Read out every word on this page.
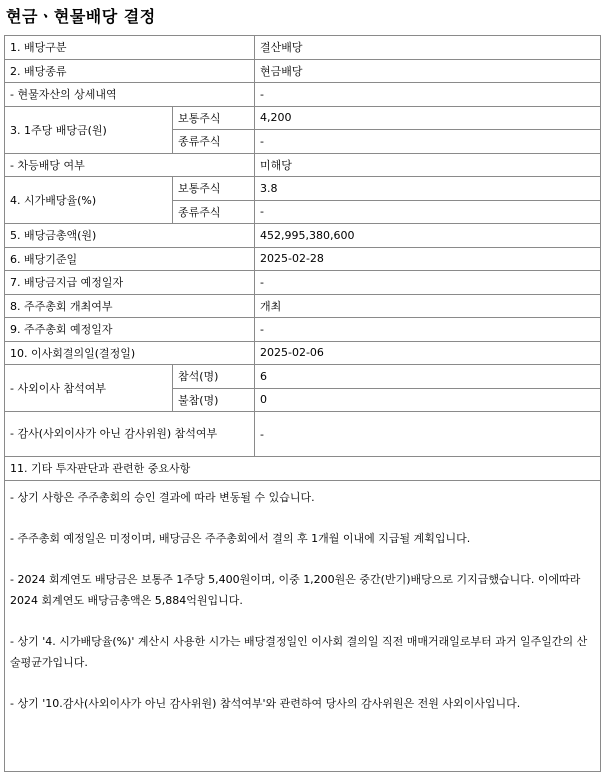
현금ㆍ현물배당 결정
1. 배당구분		결산배당
2. 배당종류		현금배당
- 현물자산의 상세내역		-
3. 1주당 배당금(원)	보통주식	4,200
	종류주식	-
- 차등배당 여부		미해당
4. 시가배당율(%)	보통주식	3.8
	종류주식	-
5. 배당금총액(원)		452,995,380,600
6. 배당기준일		2025-02-28
7. 배당금지급 예정일자		-
8. 주주총회 개최여부		개최
9. 주주총회 예정일자		-
10. 이사회결의일(결정일)		2025-02-06
- 사외이사 참석여부	참석(명)	6
	불참(명)	0
- 감사(사외이사가 아닌 감사위원) 참석여부		-
11. 기타 투자판단과 관련한 중요사항		

- 상기 사항은 주주총회의 승인 결과에 따라 변동될 수 있습니다.

- 주주총회 예정일은 미정이며, 배당금은 주주총회에서 결의 후 1개월 이내에 지급될 계획입니다.

- 2024 회계연도 배당금은 보통주 1주당 5,400원이며, 이중 1,200원은 중간(반기)배당으로 기지급했습니다. 이에따라 2024 회계연도 배당금총액은 5,884억원입니다.

- 상기 '4. 시가배당율(%)' 계산시 사용한 시가는 배당결정일인 이사회 결의일 직전 매매거래일로부터 과거 일주일간의 산술평균가입니다.

- 상기 '10.감사(사외이사가 아닌 감사위원) 참석여부'와 관련하여 당사의 감사위원은 전원 사외이사입니다.		
